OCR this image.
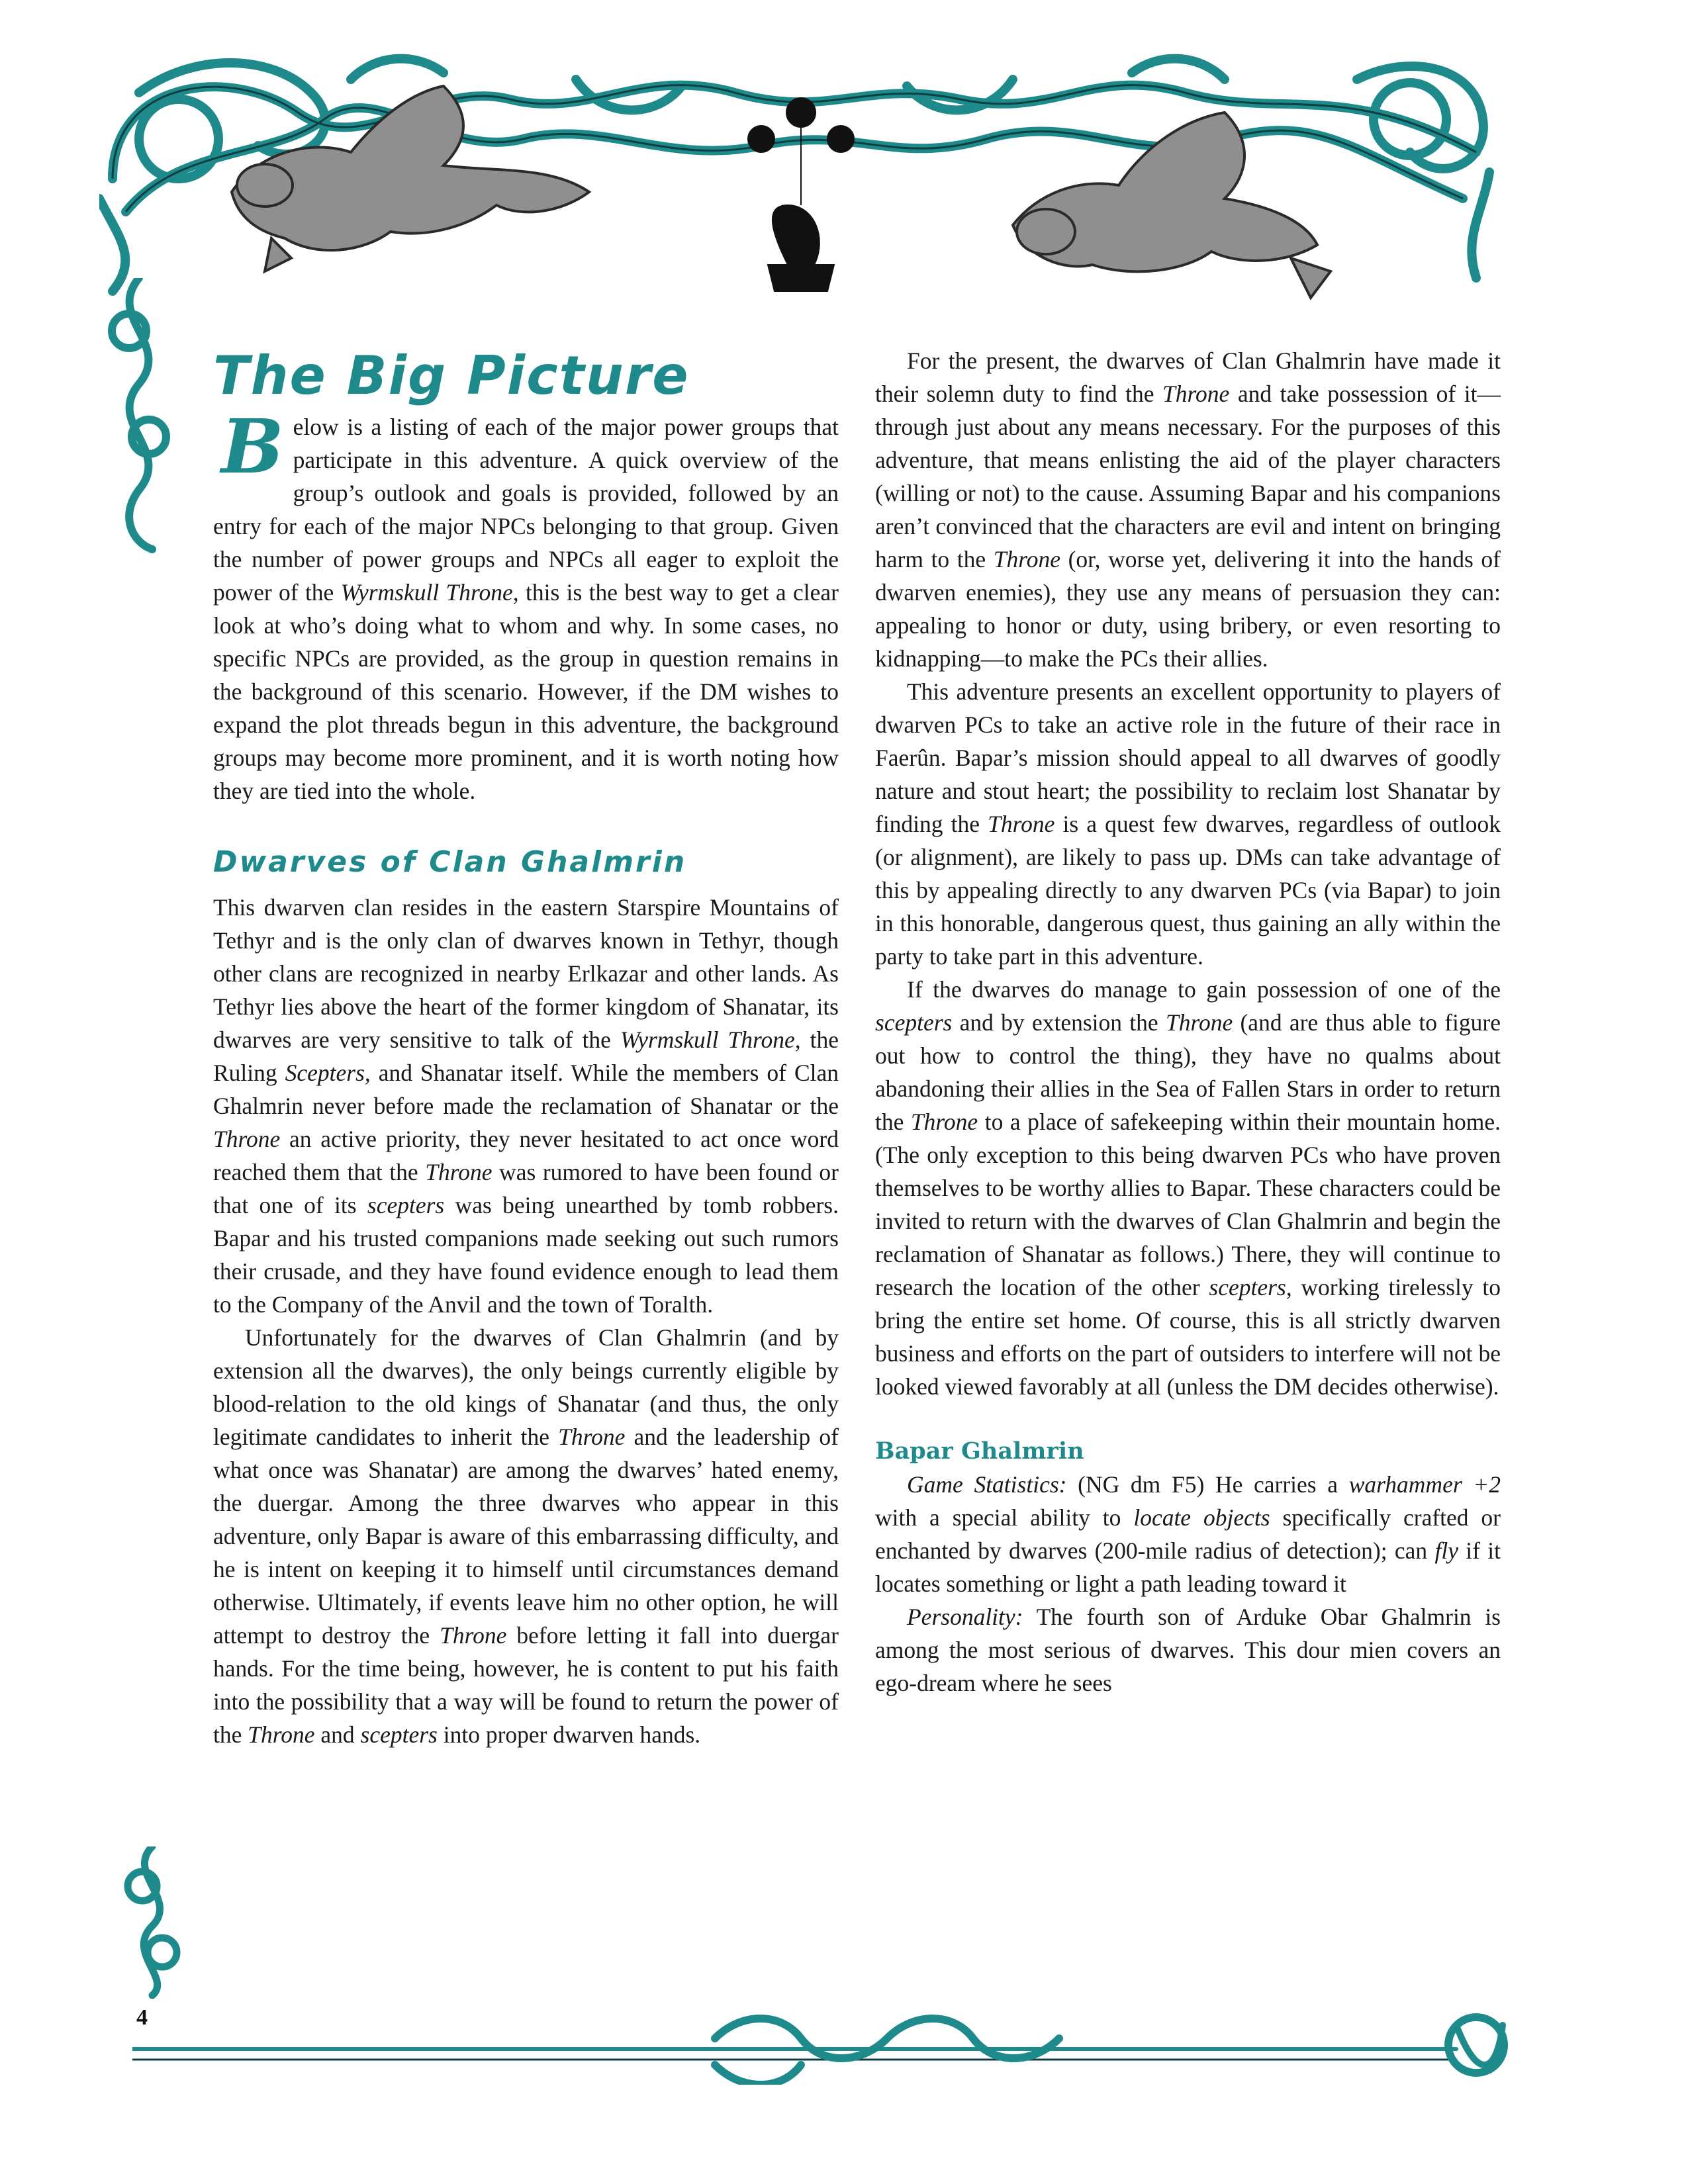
4
The Big Picture

Below is a listing of each of the major power groups that participate in this adventure. A quick overview of the group’s outlook and goals is provided, followed by an entry for each of the major NPCs belonging to that group. Given the number of power groups and NPCs all eager to exploit the power of the Wyrmskull Throne, this is the best way to get a clear look at who’s doing what to whom and why. In some cases, no specific NPCs are provided, as the group in question remains in the background of this scenario. However, if the DM wishes to expand the plot threads begun in this adventure, the background groups may become more prominent, and it is worth noting how they are tied into the whole.

Dwarves of Clan Ghalmrin

This dwarven clan resides in the eastern Starspire Mountains of Tethyr and is the only clan of dwarves known in Tethyr, though other clans are recognized in nearby Erlkazar and other lands. As Tethyr lies above the heart of the former kingdom of Shanatar, its dwarves are very sensitive to talk of the Wyrmskull Throne, the Ruling Scepters, and Shanatar itself. While the members of Clan Ghalmrin never before made the reclamation of Shanatar or the Throne an active priority, they never hesitated to act once word reached them that the Throne was rumored to have been found or that one of its scepters was being unearthed by tomb robbers. Bapar and his trusted companions made seeking out such rumors their crusade, and they have found evidence enough to lead them to the Company of the Anvil and the town of Toralth.

Unfortunately for the dwarves of Clan Ghalmrin (and by extension all the dwarves), the only beings currently eligible by blood-relation to the old kings of Shanatar (and thus, the only legitimate candidates to inherit the Throne and the leadership of what once was Shanatar) are among the dwarves’ hated enemy, the duergar. Among the three dwarves who appear in this adventure, only Bapar is aware of this embarrassing difficulty, and he is intent on keeping it to himself until circumstances demand otherwise. Ultimately, if events leave him no other option, he will attempt to destroy the Throne before letting it fall into duergar hands. For the time being, however, he is content to put his faith into the possibility that a way will be found to return the power of the Throne and scepters into proper dwarven hands.

For the present, the dwarves of Clan Ghalmrin have made it their solemn duty to find the Throne and take possession of it—through just about any means necessary. For the purposes of this adventure, that means enlisting the aid of the player characters (willing or not) to the cause. Assuming Bapar and his companions aren’t convinced that the characters are evil and intent on bringing harm to the Throne (or, worse yet, delivering it into the hands of dwarven enemies), they use any means of persuasion they can: appealing to honor or duty, using bribery, or even resorting to kidnapping—to make the PCs their allies.

This adventure presents an excellent opportunity to players of dwarven PCs to take an active role in the future of their race in Faerûn. Bapar’s mission should appeal to all dwarves of goodly nature and stout heart; the possibility to reclaim lost Shanatar by finding the Throne is a quest few dwarves, regardless of outlook (or alignment), are likely to pass up. DMs can take advantage of this by appealing directly to any dwarven PCs (via Bapar) to join in this honorable, dangerous quest, thus gaining an ally within the party to take part in this adventure.

If the dwarves do manage to gain possession of one of the scepters and by extension the Throne (and are thus able to figure out how to control the thing), they have no qualms about abandoning their allies in the Sea of Fallen Stars in order to return the Throne to a place of safekeeping within their mountain home. (The only exception to this being dwarven PCs who have proven themselves to be worthy allies to Bapar. These characters could be invited to return with the dwarves of Clan Ghalmrin and begin the reclamation of Shanatar as follows.) There, they will continue to research the location of the other scepters, working tirelessly to bring the entire set home. Of course, this is all strictly dwarven business and efforts on the part of outsiders to interfere will not be looked viewed favorably at all (unless the DM decides otherwise).

Bapar Ghalmrin

Game Statistics: (NG dm F5) He carries a warhammer +2 with a special ability to locate objects specifically crafted or enchanted by dwarves (200-mile radius of detection); can fly if it locates something or light a path leading toward it

Personality: The fourth son of Arduke Obar Ghalmrin is among the most serious of dwarves. This dour mien covers an ego-dream where he sees
